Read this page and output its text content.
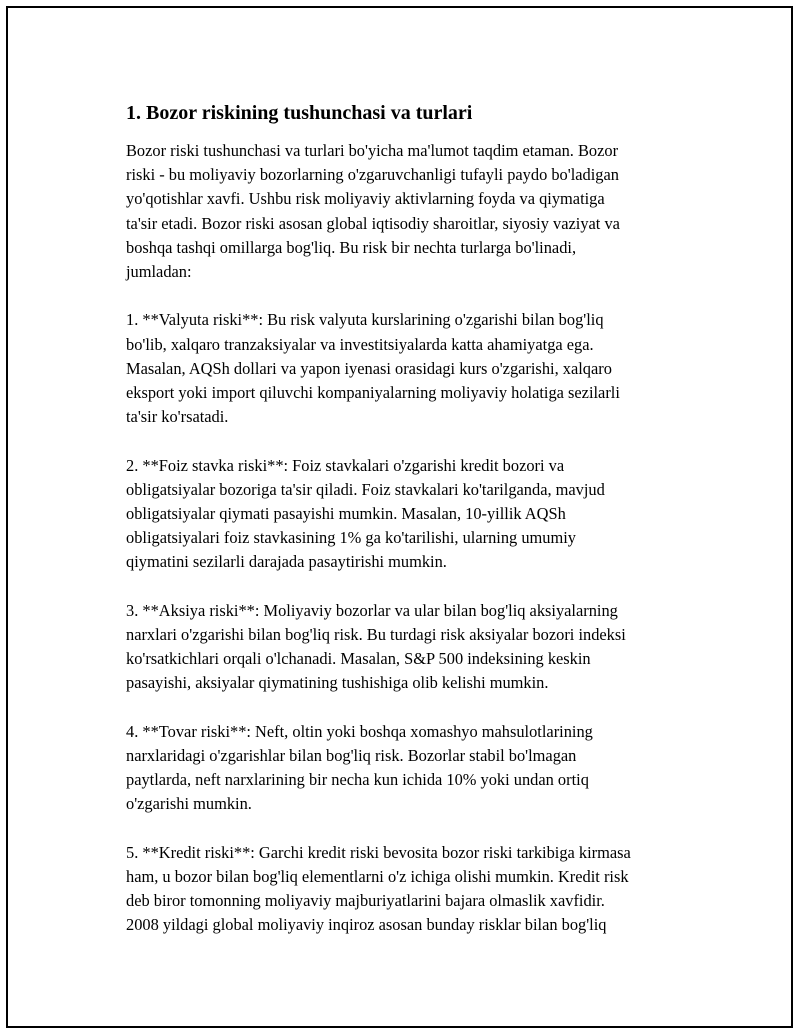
1. Bozor riskining tushunchasi va turlari

Bozor riski tushunchasi va turlari bo'yicha ma'lumot taqdim etaman. Bozor
riski - bu moliyaviy bozorlarning o'zgaruvchanligi tufayli paydo bo'ladigan
yo'qotishlar xavfi. Ushbu risk moliyaviy aktivlarning foyda va qiymatiga
ta'sir etadi. Bozor riski asosan global iqtisodiy sharoitlar, siyosiy vaziyat va
boshqa tashqi omillarga bog'liq. Bu risk bir nechta turlarga bo'linadi,
jumladan:

1. **Valyuta riski**: Bu risk valyuta kurslarining o'zgarishi bilan bog'liq
bo'lib, xalqaro tranzaksiyalar va investitsiyalarda katta ahamiyatga ega.
Masalan, AQSh dollari va yapon iyenasi orasidagi kurs o'zgarishi, xalqaro
eksport yoki import qiluvchi kompaniyalarning moliyaviy holatiga sezilarli
ta'sir ko'rsatadi.

2. **Foiz stavka riski**: Foiz stavkalari o'zgarishi kredit bozori va
obligatsiyalar bozoriga ta'sir qiladi. Foiz stavkalari ko'tarilganda, mavjud
obligatsiyalar qiymati pasayishi mumkin. Masalan, 10-yillik AQSh
obligatsiyalari foiz stavkasining 1% ga ko'tarilishi, ularning umumiy
qiymatini sezilarli darajada pasaytirishi mumkin.

3. **Aksiya riski**: Moliyaviy bozorlar va ular bilan bog'liq aksiyalarning
narxlari o'zgarishi bilan bog'liq risk. Bu turdagi risk aksiyalar bozori indeksi
ko'rsatkichlari orqali o'lchanadi. Masalan, S&P 500 indeksining keskin
pasayishi, aksiyalar qiymatining tushishiga olib kelishi mumkin.

4. **Tovar riski**: Neft, oltin yoki boshqa xomashyo mahsulotlarining
narxlaridagi o'zgarishlar bilan bog'liq risk. Bozorlar stabil bo'lmagan
paytlarda, neft narxlarining bir necha kun ichida 10% yoki undan ortiq
o'zgarishi mumkin.

5. **Kredit riski**: Garchi kredit riski bevosita bozor riski tarkibiga kirmasa
ham, u bozor bilan bog'liq elementlarni o'z ichiga olishi mumkin. Kredit risk
deb biror tomonning moliyaviy majburiyatlarini bajara olmaslik xavfidir.
2008 yildagi global moliyaviy inqiroz asosan bunday risklar bilan bog'liq
